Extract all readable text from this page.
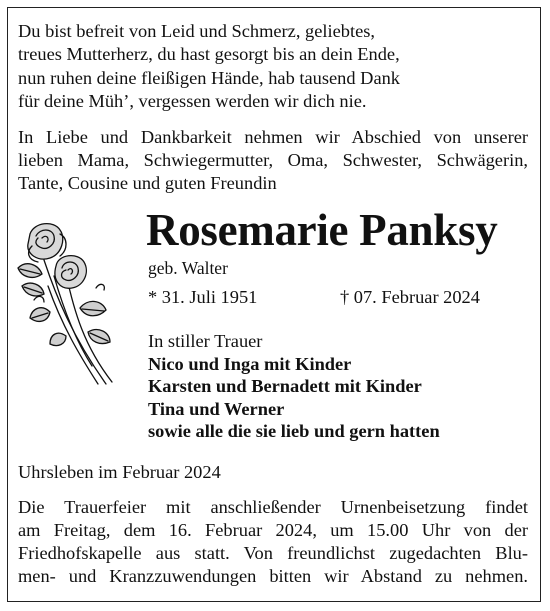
Du bist befreit von Leid und Schmerz, geliebtes,
treues Mutterherz, du hast gesorgt bis an dein Ende,
nun ruhen deine fleißigen Hände, hab tausend Dank
für deine Müh’, vergessen werden wir dich nie.
In Liebe und Dankbarkeit nehmen wir Abschied von unserer
lieben Mama, Schwiegermutter, Oma, Schwester, Schwägerin,
Tante, Cousine und guten Freundin
Rosemarie Panksy
geb. Walter
* 31. Juli 1951	† 07. Februar 2024
In stiller Trauer
Nico und Inga mit Kinder
Karsten und Bernadett mit Kinder
Tina und Werner
sowie alle die sie lieb und gern hatten
Uhrsleben im Februar 2024
Die Trauerfeier mit anschließender Urnenbeisetzung findet
am Freitag, dem 16. Februar 2024, um 15.00 Uhr von der
Friedhofskapelle aus statt. Von freundlichst zugedachten Blu-
men- und Kranzzuwendungen bitten wir Abstand zu nehmen.
